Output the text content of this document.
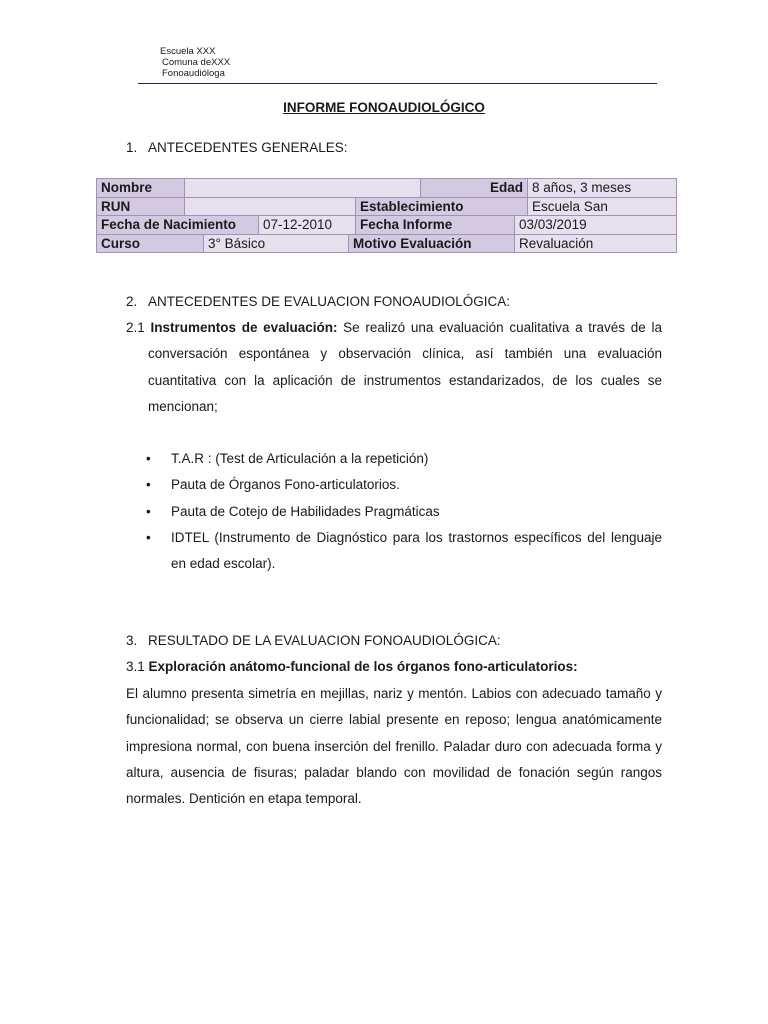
Escuela XXX
Comuna deXXX
Fonoaudióloga
INFORME FONOAUDIOLÓGICO
1. ANTECEDENTES GENERALES:
Nombre						Edad		8 años, 3 meses
RUN					Establecimiento			Escuela San
Fecha de Nacimiento			07-12-2010		Fecha Informe		03/03/2019	
Curso		3° Básico		Motivo Evaluación			Revaluación	
2. ANTECEDENTES DE EVALUACION FONOAUDIOLÓGICA:
2.1 Instrumentos de evaluación: Se realizó una evaluación cualitativa a través de la conversación espontánea y observación clínica, así también una evaluación cuantitativa con la aplicación de instrumentos estandarizados, de los cuales se mencionan;
• T.A.R : (Test de Articulación a la repetición)
• Pauta de Órganos Fono-articulatorios.
• Pauta de Cotejo de Habilidades Pragmáticas
• IDTEL (Instrumento de Diagnóstico para los trastornos específicos del lenguaje en edad escolar).
3. RESULTADO DE LA EVALUACION FONOAUDIOLÓGICA:
3.1 Exploración anátomo-funcional de los órganos fono-articulatorios:
El alumno presenta simetría en mejillas, nariz y mentón. Labios con adecuado tamaño y funcionalidad; se observa un cierre labial presente en reposo; lengua anatómicamente impresiona normal, con buena inserción del frenillo. Paladar duro con adecuada forma y altura, ausencia de fisuras; paladar blando con movilidad de fonación según rangos normales. Dentición en etapa temporal.
